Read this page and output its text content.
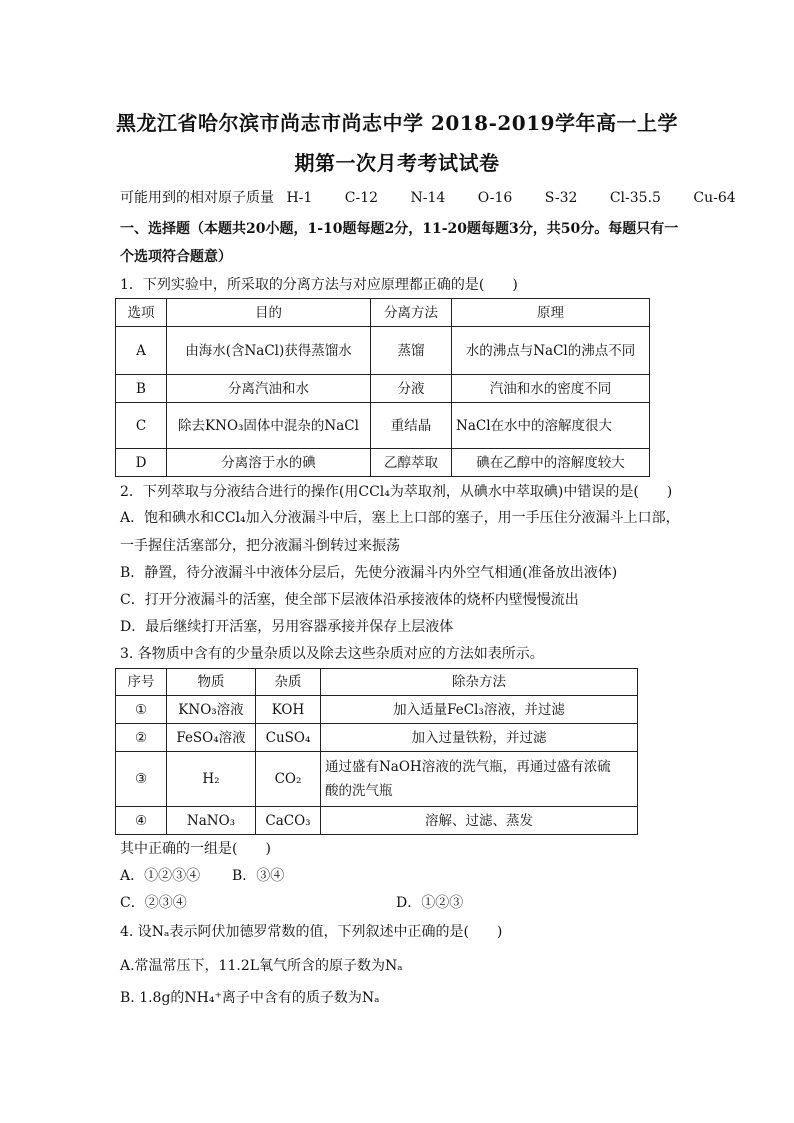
黑龙江省哈尔滨市尚志市尚志中学 2018-2019学年高一上学
期第一次月考考试试卷
可能用到的相对原子质量 H-1 C-12 N-14 O-16 S-32 Cl-35.5 Cu-64
一、选择题（本题共20小题，1-10题每题2分，11-20题每题3分，共50分。每题只有一
个选项符合题意）
1．下列实验中，所采取的分离方法与对应原理都正确的是(　　)
选项	目的	分离方法	原理
A	由海水(含NaCl)获得蒸馏水	蒸馏	水的沸点与NaCl的沸点不同
B	分离汽油和水	分液	汽油和水的密度不同
C	除去KNO₃固体中混杂的NaCl	重结晶	NaCl在水中的溶解度很大
D	分离溶于水的碘	乙醇萃取	碘在乙醇中的溶解度较大
2．下列萃取与分液结合进行的操作(用CCl₄为萃取剂，从碘水中萃取碘)中错误的是(　　)
A．饱和碘水和CCl₄加入分液漏斗中后，塞上上口部的塞子，用一手压住分液漏斗上口部，
一手握住活塞部分，把分液漏斗倒转过来振荡
B．静置，待分液漏斗中液体分层后，先使分液漏斗内外空气相通(准备放出液体)
C．打开分液漏斗的活塞，使全部下层液体沿承接液体的烧杯内壁慢慢流出
D．最后继续打开活塞，另用容器承接并保存上层液体
3. 各物质中含有的少量杂质以及除去这些杂质对应的方法如表所示。
序号	物质	杂质	除杂方法
①	KNO₃溶液	KOH	加入适量FeCl₃溶液，并过滤
②	FeSO₄溶液	CuSO₄	加入过量铁粉，并过滤
③	H₂	CO₂	通过盛有NaOH溶液的洗气瓶，再通过盛有浓硫
酸的洗气瓶

④	NaNO₃	CaCO₃	溶解、过滤、蒸发
其中正确的一组是(　　)
A．①②③④ B．③④
C．②③④	D．①②③
4. 设Nₐ表示阿伏加德罗常数的值，下列叙述中正确的是(　　)
A.常温常压下，11.2L氧气所含的原子数为Nₐ
B. 1.8g的NH₄⁺离子中含有的质子数为Nₐ
